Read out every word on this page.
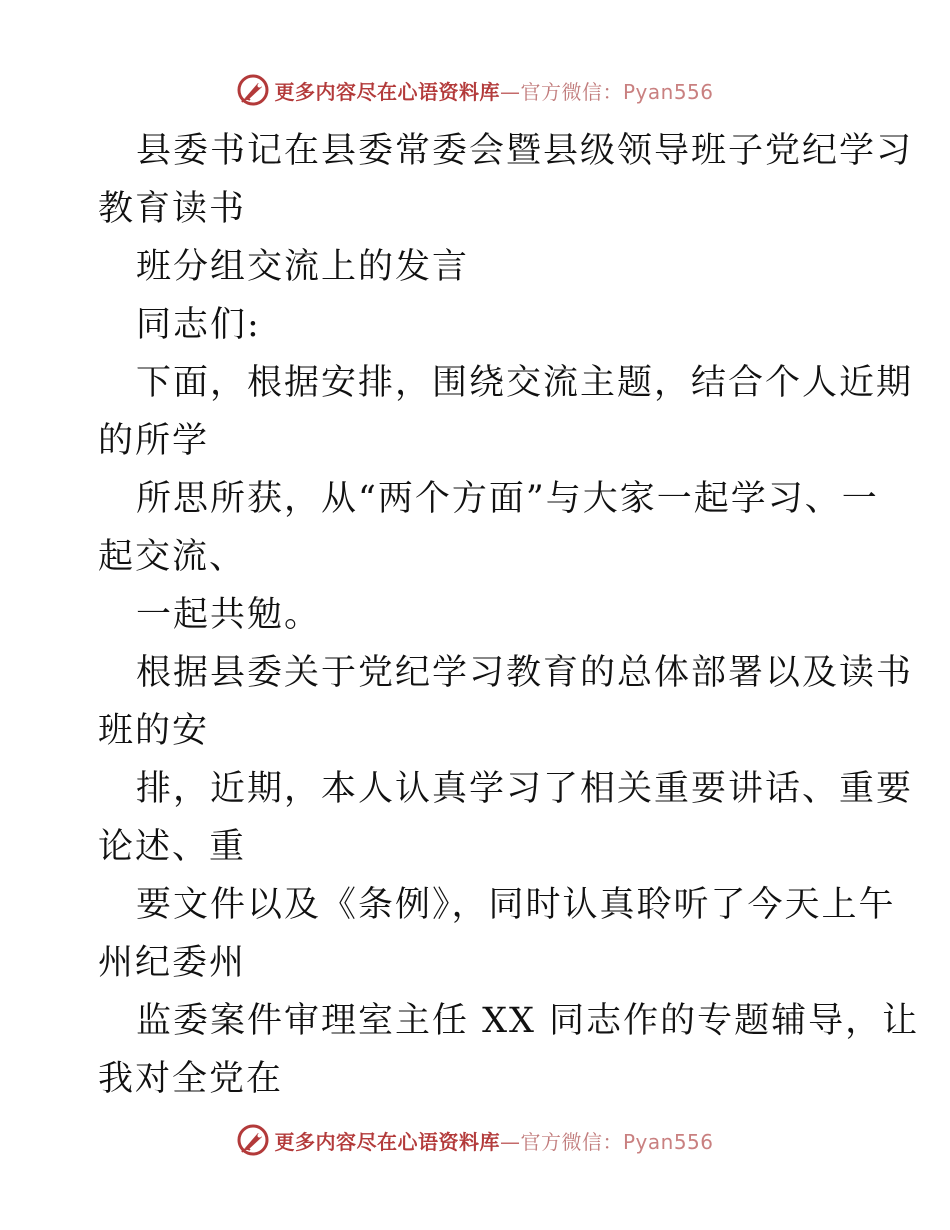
更多内容尽在心语资料库—官方微信：Pyan556

县委书记在县委常委会暨县级领导班子党纪学习

教育读书

班分组交流上的发言

同志们:

下面，根据安排，围绕交流主题，结合个人近期

的所学

所思所获，从“两个方面”与大家一起学习、一

起交流、

一起共勉。

根据县委关于党纪学习教育的总体部署以及读书

班的安

排，近期，本人认真学习了相关重要讲话、重要

论述、重

要文件以及《条例》，同时认真聆听了今天上午

州纪委州

监委案件审理室主任 XX 同志作的专题辅导，让

我对全党在

更多内容尽在心语资料库—官方微信：Pyan556
